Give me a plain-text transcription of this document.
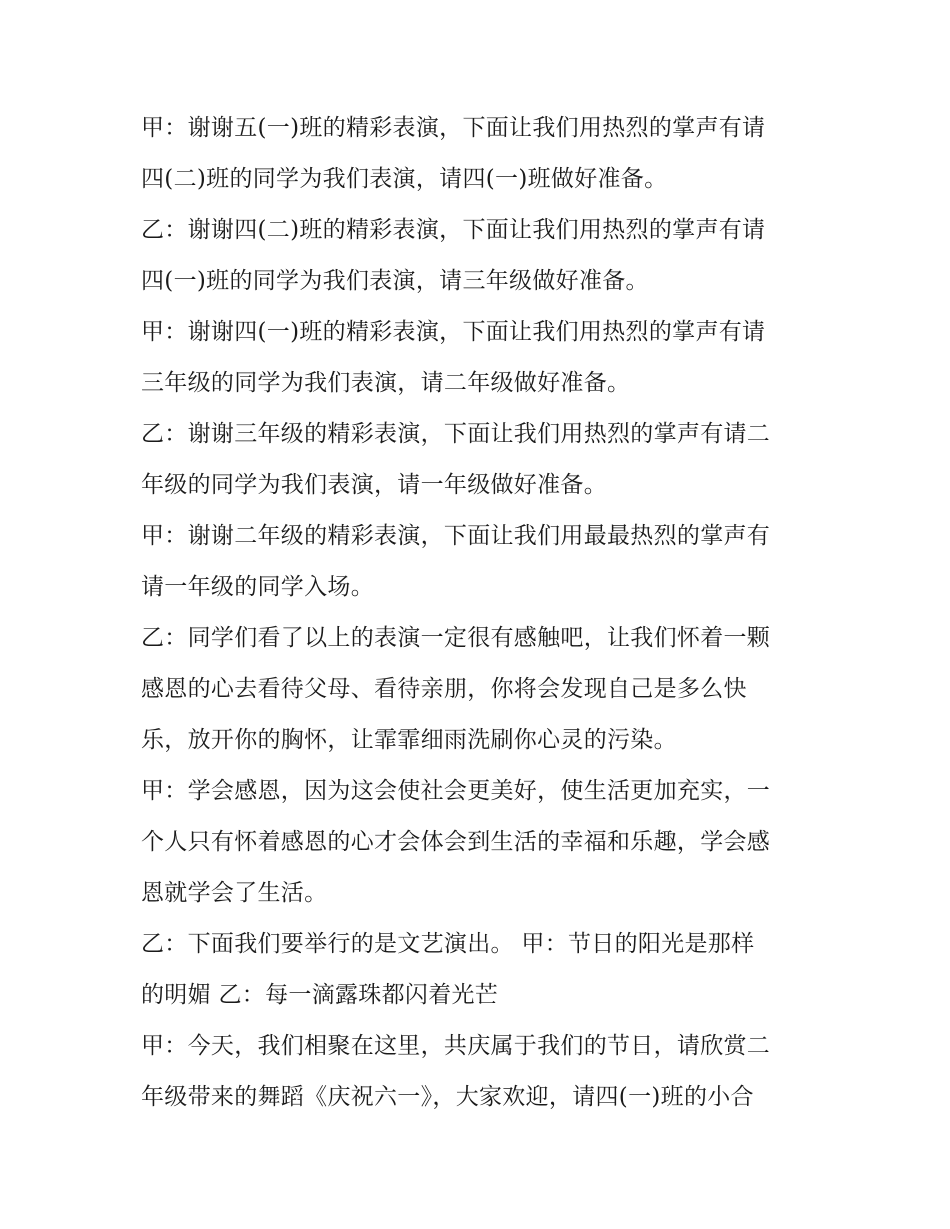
甲：谢谢五(一)班的精彩表演，下面让我们用热烈的掌声有请

四(二)班的同学为我们表演，请四(一)班做好准备。

乙：谢谢四(二)班的精彩表演，下面让我们用热烈的掌声有请

四(一)班的同学为我们表演，请三年级做好准备。

甲：谢谢四(一)班的精彩表演，下面让我们用热烈的掌声有请

三年级的同学为我们表演，请二年级做好准备。

乙：谢谢三年级的精彩表演，下面让我们用热烈的掌声有请二

年级的同学为我们表演，请一年级做好准备。

甲：谢谢二年级的精彩表演，下面让我们用最最热烈的掌声有

请一年级的同学入场。

乙：同学们看了以上的表演一定很有感触吧，让我们怀着一颗

感恩的心去看待父母、看待亲朋，你将会发现自己是多么快

乐，放开你的胸怀，让霏霏细雨洗刷你心灵的污染。

甲：学会感恩，因为这会使社会更美好，使生活更加充实，一

个人只有怀着感恩的心才会体会到生活的幸福和乐趣，学会感

恩就学会了生活。

乙：下面我们要举行的是文艺演出。 甲：节日的阳光是那样

的明媚 乙：每一滴露珠都闪着光芒

甲：今天，我们相聚在这里，共庆属于我们的节日，请欣赏二

年级带来的舞蹈《庆祝六一》，大家欢迎，请四(一)班的小合
